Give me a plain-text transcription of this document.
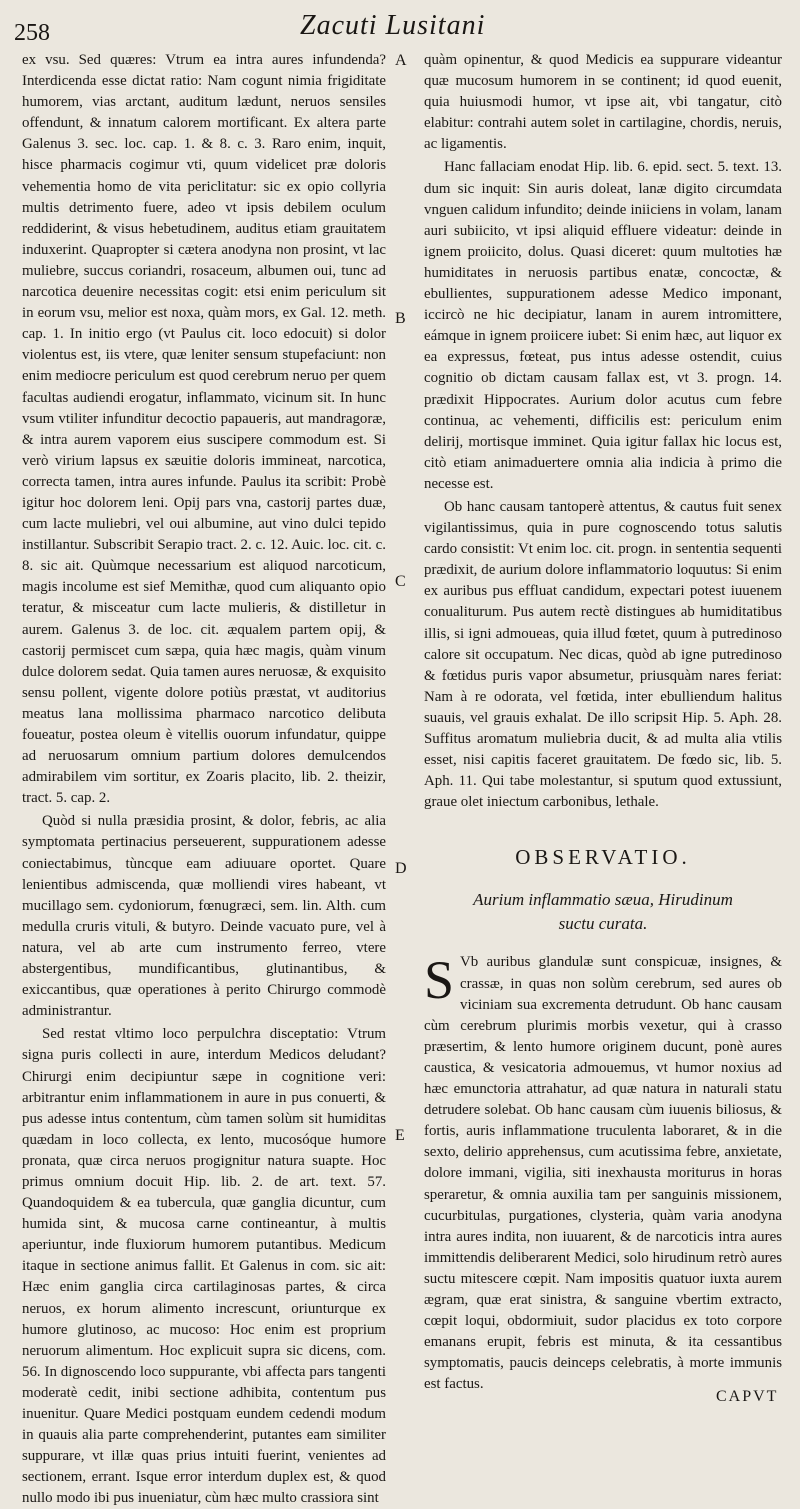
258	Zacuti Lusitani

ex vsu. Sed quæres: Vtrum ea intra aures infundenda? Interdicenda esse dictat ratio: Nam cogunt nimia frigiditate humorem, vias arctant, auditum lædunt, neruos sensiles offendunt, & innatum calorem mortificant. Ex altera parte Galenus 3. sec. loc. cap. 1. & 8. c. 3. Raro enim, inquit, hisce pharmacis cogimur vti, quum videlicet præ doloris vehementia homo de vita periclitatur: sic ex opio collyria multis detrimento fuere, adeo vt ipsis debilem oculum reddiderint, & visus hebetudinem, auditus etiam grauitatem induxerint. Quapropter si cætera anodyna non prosint, vt lac muliebre, succus coriandri, rosaceum, albumen oui, tunc ad narcotica deuenire necessitas cogit: etsi enim periculum sit in eorum vsu, melior est noxa, quàm mors, ex Gal. 12. meth. cap. 1. In initio ergo (vt Paulus cit. loco edocuit) si dolor violentus est, iis vtere, quæ leniter sensum stupefaciunt: non enim mediocre periculum est quod cerebrum neruo per quem facultas audiendi erogatur, inflammato, vicinum sit. In hunc vsum vtiliter infunditur decoctio papaueris, aut mandragoræ, & intra aurem vaporem eius suscipere commodum est. Si verò virium lapsus ex sæuitie doloris immineat, narcotica, correcta tamen, intra aures infunde. Paulus ita scribit: Probè igitur hoc dolorem leni. Opij pars vna, castorij partes duæ, cum lacte muliebri, vel oui albumine, aut vino dulci tepido instillantur. Subscribit Serapio tract. 2. c. 12. Auic. loc. cit. c. 8. sic ait. Quùmque necessarium est aliquod narcoticum, magis incolume est sief Memithæ, quod cum aliquanto opio teratur, & misceatur cum lacte mulieris, & distilletur in aurem. Galenus 3. de loc. cit. æqualem partem opij, & castorij permiscet cum sæpa, quia hæc magis, quàm vinum dulce dolorem sedat. Quia tamen aures neruosæ, & exquisito sensu pollent, vigente dolore potiùs præstat, vt auditorius meatus lana mollissima pharmaco narcotico delibuta foueatur, postea oleum è vitellis ouorum infundatur, quippe ad neruosarum omnium partium dolores demulcendos admirabilem vim sortitur, ex Zoaris placito, lib. 2. theizir, tract. 5. cap. 2.

Quòd si nulla præsidia prosint, & dolor, febris, ac alia symptomata pertinacius perseuerent, suppurationem adesse coniectabimus, tùncque eam adiuuare oportet. Quare lenientibus admiscenda, quæ molliendi vires habeant, vt mucillago sem. cydoniorum, fœnugræci, sem. lin. Alth. cum medulla cruris vituli, & butyro. Deinde vacuato pure, vel à natura, vel ab arte cum instrumento ferreo, vtere abstergentibus, mundificantibus, glutinantibus, & exiccantibus, quæ operationes à perito Chirurgo commodè administrantur.

Sed restat vltimo loco perpulchra disceptatio: Vtrum signa puris collecti in aure, interdum Medicos deludant? Chirurgi enim decipiuntur sæpe in cognitione veri: arbitrantur enim inflammationem in aure in pus conuerti, & pus adesse intus contentum, cùm tamen solùm sit humiditas quædam in loco collecta, ex lento, mucosóque humore pronata, quæ circa neruos progignitur natura suapte. Hoc primus omnium docuit Hip. lib. 2. de art. text. 57. Quandoquidem & ea tubercula, quæ ganglia dicuntur, cum humida sint, & mucosa carne contineantur, à multis aperiuntur, inde fluxiorum humorem putantibus. Medicum itaque in sectione animus fallit. Et Galenus in com. sic ait: Hæc enim ganglia circa cartilaginosas partes, & circa neruos, ex horum alimento increscunt, oriunturque ex humore glutinoso, ac mucoso: Hoc enim est proprium neruorum alimentum. Hoc explicuit supra sic dicens, com. 56. In dignoscendo loco suppurante, vbi affecta pars tangenti moderatè cedit, inibi sectione adhibita, contentum pus inuenitur. Quare Medici postquam eundem cedendi modum in quauis alia parte comprehenderint, putantes eam similiter suppurare, vt illæ quas prius intuiti fuerint, venientes ad sectionem, errant. Isque error interdum duplex est, & quod nullo modo ibi pus inueniatur, cùm hæc multo crassiora sint

A
B
C
D
E

quàm opinentur, & quod Medicis ea suppurare videantur quæ mucosum humorem in se continent; id quod euenit, quia huiusmodi humor, vt ipse ait, vbi tangatur, citò elabitur: contrahi autem solet in cartilagine, chordis, neruis, ac ligamentis.

Hanc fallaciam enodat Hip. lib. 6. epid. sect. 5. text. 13. dum sic inquit: Sin auris doleat, lanæ digito circumdata vnguen calidum infundito; deinde iniiciens in volam, lanam auri subiicito, vt ipsi aliquid effluere videatur: deinde in ignem proiicito, dolus. Quasi diceret: quum multoties hæ humiditates in neruosis partibus enatæ, concoctæ, & ebullientes, suppurationem adesse Medico imponant, iccircò ne hic decipiatur, lanam in aurem intromittere, eámque in ignem proiicere iubet: Si enim hæc, aut liquor ex ea expressus, fœteat, pus intus adesse ostendit, cuius cognitio ob dictam causam fallax est, vt 3. progn. 14. prædixit Hippocrates. Aurium dolor acutus cum febre continua, ac vehementi, difficilis est: periculum enim delirij, mortisque imminet. Quia igitur fallax hic locus est, citò etiam animaduertere omnia alia indicia à primo die necesse est.

Ob hanc causam tantoperè attentus, & cautus fuit senex vigilantissimus, quia in pure cognoscendo totus salutis cardo consistit: Vt enim loc. cit. progn. in sententia sequenti prædixit, de aurium dolore inflammatorio loquutus: Si enim ex auribus pus effluat candidum, expectari potest iuuenem conualiturum. Pus autem rectè distingues ab humiditatibus illis, si igni admoueas, quia illud fœtet, quum à putredinoso calore sit occupatum. Nec dicas, quòd ab igne putredinoso & fœtidus puris vapor absumetur, priusquàm nares feriat: Nam à re odorata, vel fœtida, inter ebulliendum halitus suauis, vel grauis exhalat. De illo scripsit Hip. 5. Aph. 28. Suffitus aromatum muliebria ducit, & ad multa alia vtilis esset, nisi capitis faceret grauitatem. De fœdo sic, lib. 5. Aph. 11. Qui tabe molestantur, si sputum quod extussiunt, graue olet iniectum carbonibus, lethale.

OBSERVATIO.
Aurium inflammatio sæua, Hirudinum suctu curata.

S Vb auribus glandulæ sunt conspicuæ, insignes, & crassæ, in quas non solùm cerebrum, sed aures ob viciniam sua excrementa detrudunt. Ob hanc causam cùm cerebrum plurimis morbis vexetur, qui à crasso præsertim, & lento humore originem ducunt, ponè aures caustica, & vesicatoria admouemus, vt humor noxius ad hæc emunctoria attrahatur, ad quæ natura in naturali statu detrudere solebat. Ob hanc causam cùm iuuenis biliosus, & fortis, auris inflammatione truculenta laboraret, & in die sexto, delirio apprehensus, cum acutissima febre, anxietate, dolore immani, vigilia, siti inexhausta moriturus in horas speraretur, & omnia auxilia tam per sanguinis missionem, cucurbitulas, purgationes, clysteria, quàm varia anodyna intra aures indita, non iuuarent, & de narcoticis intra aures immittendis deliberarent Medici, solo hirudinum retrò aures suctu mitescere cœpit. Nam impositis quatuor iuxta aurem ægram, quæ erat sinistra, & sanguine vbertim extracto, cœpit loqui, obdormiuit, sudor placidus ex toto corpore emanans erupit, febris est minuta, & ita cessantibus symptomatis, paucis deinceps celebratis, à morte immunis est factus.

CAPVT
